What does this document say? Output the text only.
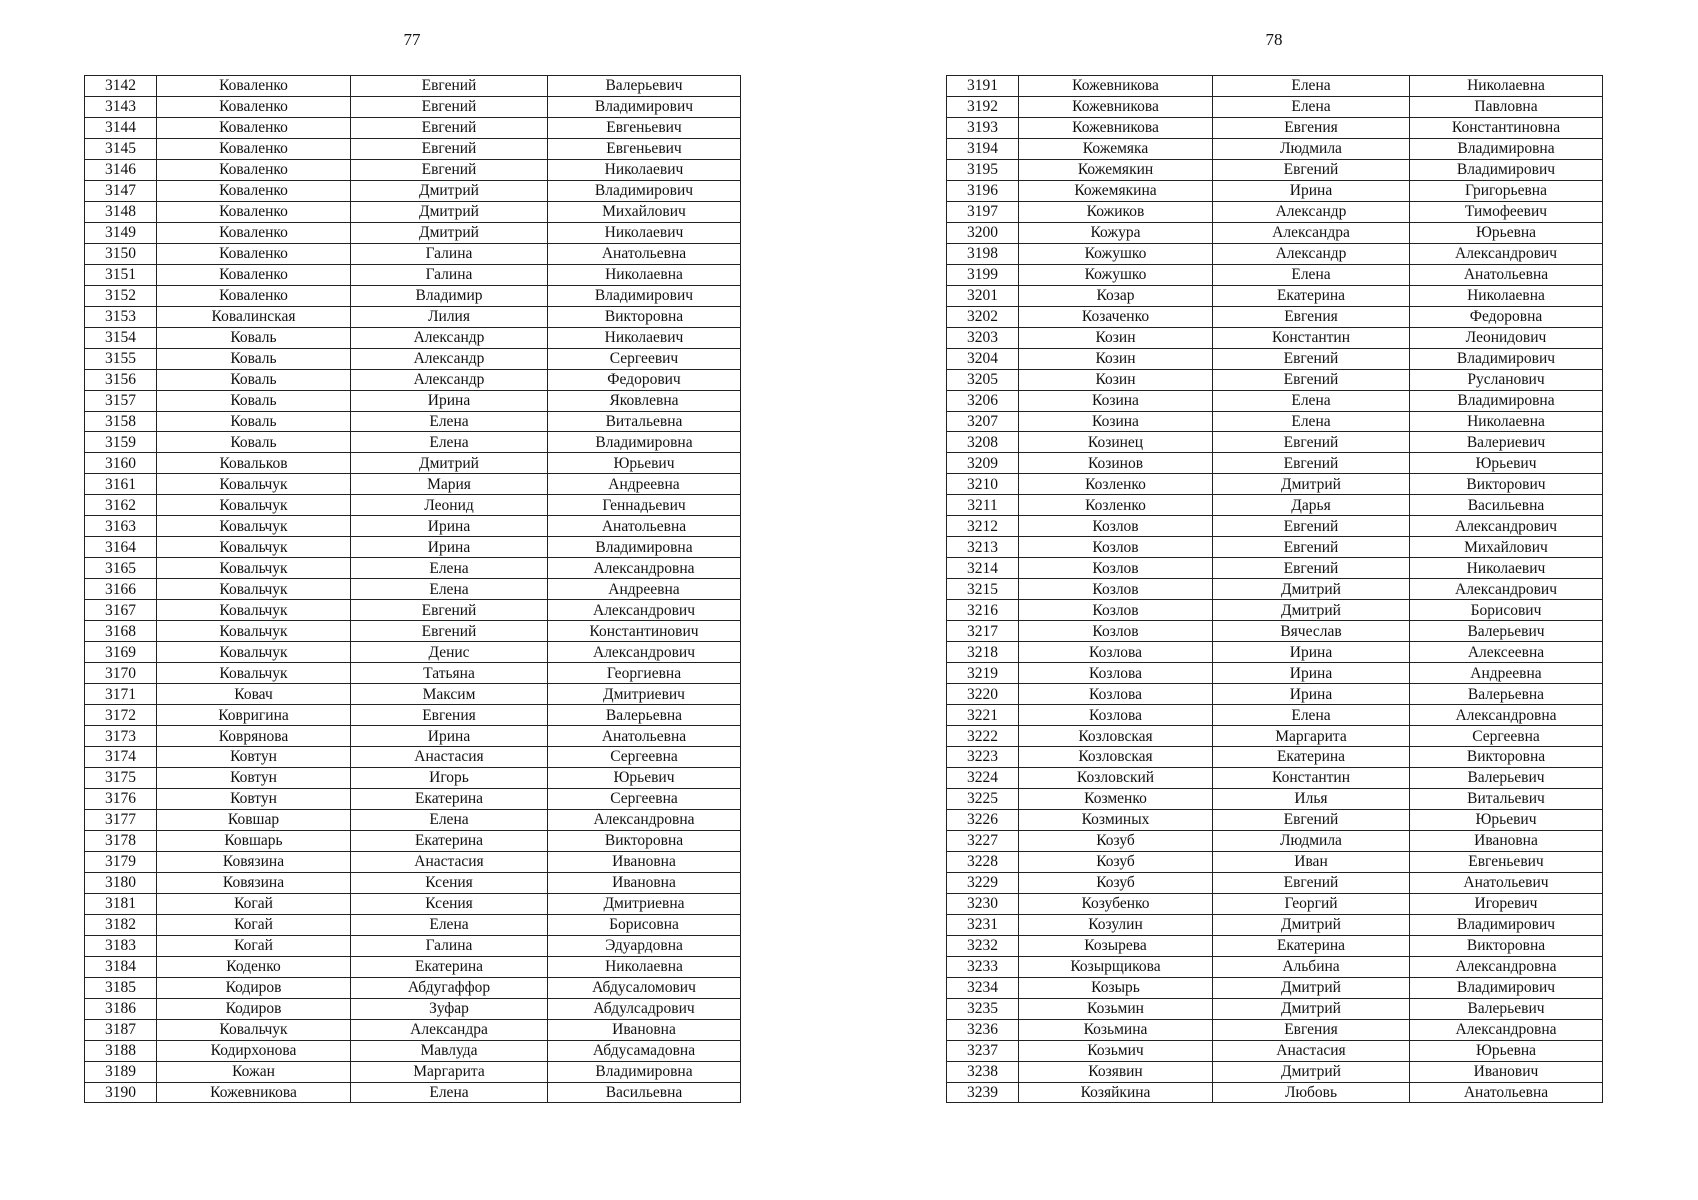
77
3142	Коваленко	Евгений	Валерьевич
3143	Коваленко	Евгений	Владимирович
3144	Коваленко	Евгений	Евгеньевич
3145	Коваленко	Евгений	Евгеньевич
3146	Коваленко	Евгений	Николаевич
3147	Коваленко	Дмитрий	Владимирович
3148	Коваленко	Дмитрий	Михайлович
3149	Коваленко	Дмитрий	Николаевич
3150	Коваленко	Галина	Анатольевна
3151	Коваленко	Галина	Николаевна
3152	Коваленко	Владимир	Владимирович
3153	Ковалинская	Лилия	Викторовна
3154	Коваль	Александр	Николаевич
3155	Коваль	Александр	Сергеевич
3156	Коваль	Александр	Федорович
3157	Коваль	Ирина	Яковлевна
3158	Коваль	Елена	Витальевна
3159	Коваль	Елена	Владимировна
3160	Ковальков	Дмитрий	Юрьевич
3161	Ковальчук	Мария	Андреевна
3162	Ковальчук	Леонид	Геннадьевич
3163	Ковальчук	Ирина	Анатольевна
3164	Ковальчук	Ирина	Владимировна
3165	Ковальчук	Елена	Александровна
3166	Ковальчук	Елена	Андреевна
3167	Ковальчук	Евгений	Александрович
3168	Ковальчук	Евгений	Константинович
3169	Ковальчук	Денис	Александрович
3170	Ковальчук	Татьяна	Георгиевна
3171	Ковач	Максим	Дмитриевич
3172	Ковригина	Евгения	Валерьевна
3173	Коврянова	Ирина	Анатольевна
3174	Ковтун	Анастасия	Сергеевна
3175	Ковтун	Игорь	Юрьевич
3176	Ковтун	Екатерина	Сергеевна
3177	Ковшар	Елена	Александровна
3178	Ковшарь	Екатерина	Викторовна
3179	Ковязина	Анастасия	Ивановна
3180	Ковязина	Ксения	Ивановна
3181	Когай	Ксения	Дмитриевна
3182	Когай	Елена	Борисовна
3183	Когай	Галина	Эдуардовна
3184	Коденко	Екатерина	Николаевна
3185	Кодиров	Абдугаффор	Абдусаломович
3186	Кодиров	Зуфар	Абдулсадрович
3187	Ковальчук	Александра	Ивановна
3188	Кодирхонова	Мавлуда	Абдусамадовна
3189	Кожан	Маргарита	Владимировна
3190	Кожевникова	Елена	Васильевна
78
3191	Кожевникова	Елена	Николаевна
3192	Кожевникова	Елена	Павловна
3193	Кожевникова	Евгения	Константиновна
3194	Кожемяка	Людмила	Владимировна
3195	Кожемякин	Евгений	Владимирович
3196	Кожемякина	Ирина	Григорьевна
3197	Кожиков	Александр	Тимофеевич
3200	Кожура	Александра	Юрьевна
3198	Кожушко	Александр	Александрович
3199	Кожушко	Елена	Анатольевна
3201	Козар	Екатерина	Николаевна
3202	Козаченко	Евгения	Федоровна
3203	Козин	Константин	Леонидович
3204	Козин	Евгений	Владимирович
3205	Козин	Евгений	Русланович
3206	Козина	Елена	Владимировна
3207	Козина	Елена	Николаевна
3208	Козинец	Евгений	Валериевич
3209	Козинов	Евгений	Юрьевич
3210	Козленко	Дмитрий	Викторович
3211	Козленко	Дарья	Васильевна
3212	Козлов	Евгений	Александрович
3213	Козлов	Евгений	Михайлович
3214	Козлов	Евгений	Николаевич
3215	Козлов	Дмитрий	Александрович
3216	Козлов	Дмитрий	Борисович
3217	Козлов	Вячеслав	Валерьевич
3218	Козлова	Ирина	Алексеевна
3219	Козлова	Ирина	Андреевна
3220	Козлова	Ирина	Валерьевна
3221	Козлова	Елена	Александровна
3222	Козловская	Маргарита	Сергеевна
3223	Козловская	Екатерина	Викторовна
3224	Козловский	Константин	Валерьевич
3225	Козменко	Илья	Витальевич
3226	Козминых	Евгений	Юрьевич
3227	Козуб	Людмила	Ивановна
3228	Козуб	Иван	Евгеньевич
3229	Козуб	Евгений	Анатольевич
3230	Козубенко	Георгий	Игоревич
3231	Козулин	Дмитрий	Владимирович
3232	Козырева	Екатерина	Викторовна
3233	Козырщикова	Альбина	Александровна
3234	Козырь	Дмитрий	Владимирович
3235	Козьмин	Дмитрий	Валерьевич
3236	Козьмина	Евгения	Александровна
3237	Козьмич	Анастасия	Юрьевна
3238	Козявин	Дмитрий	Иванович
3239	Козяйкина	Любовь	Анатольевна
